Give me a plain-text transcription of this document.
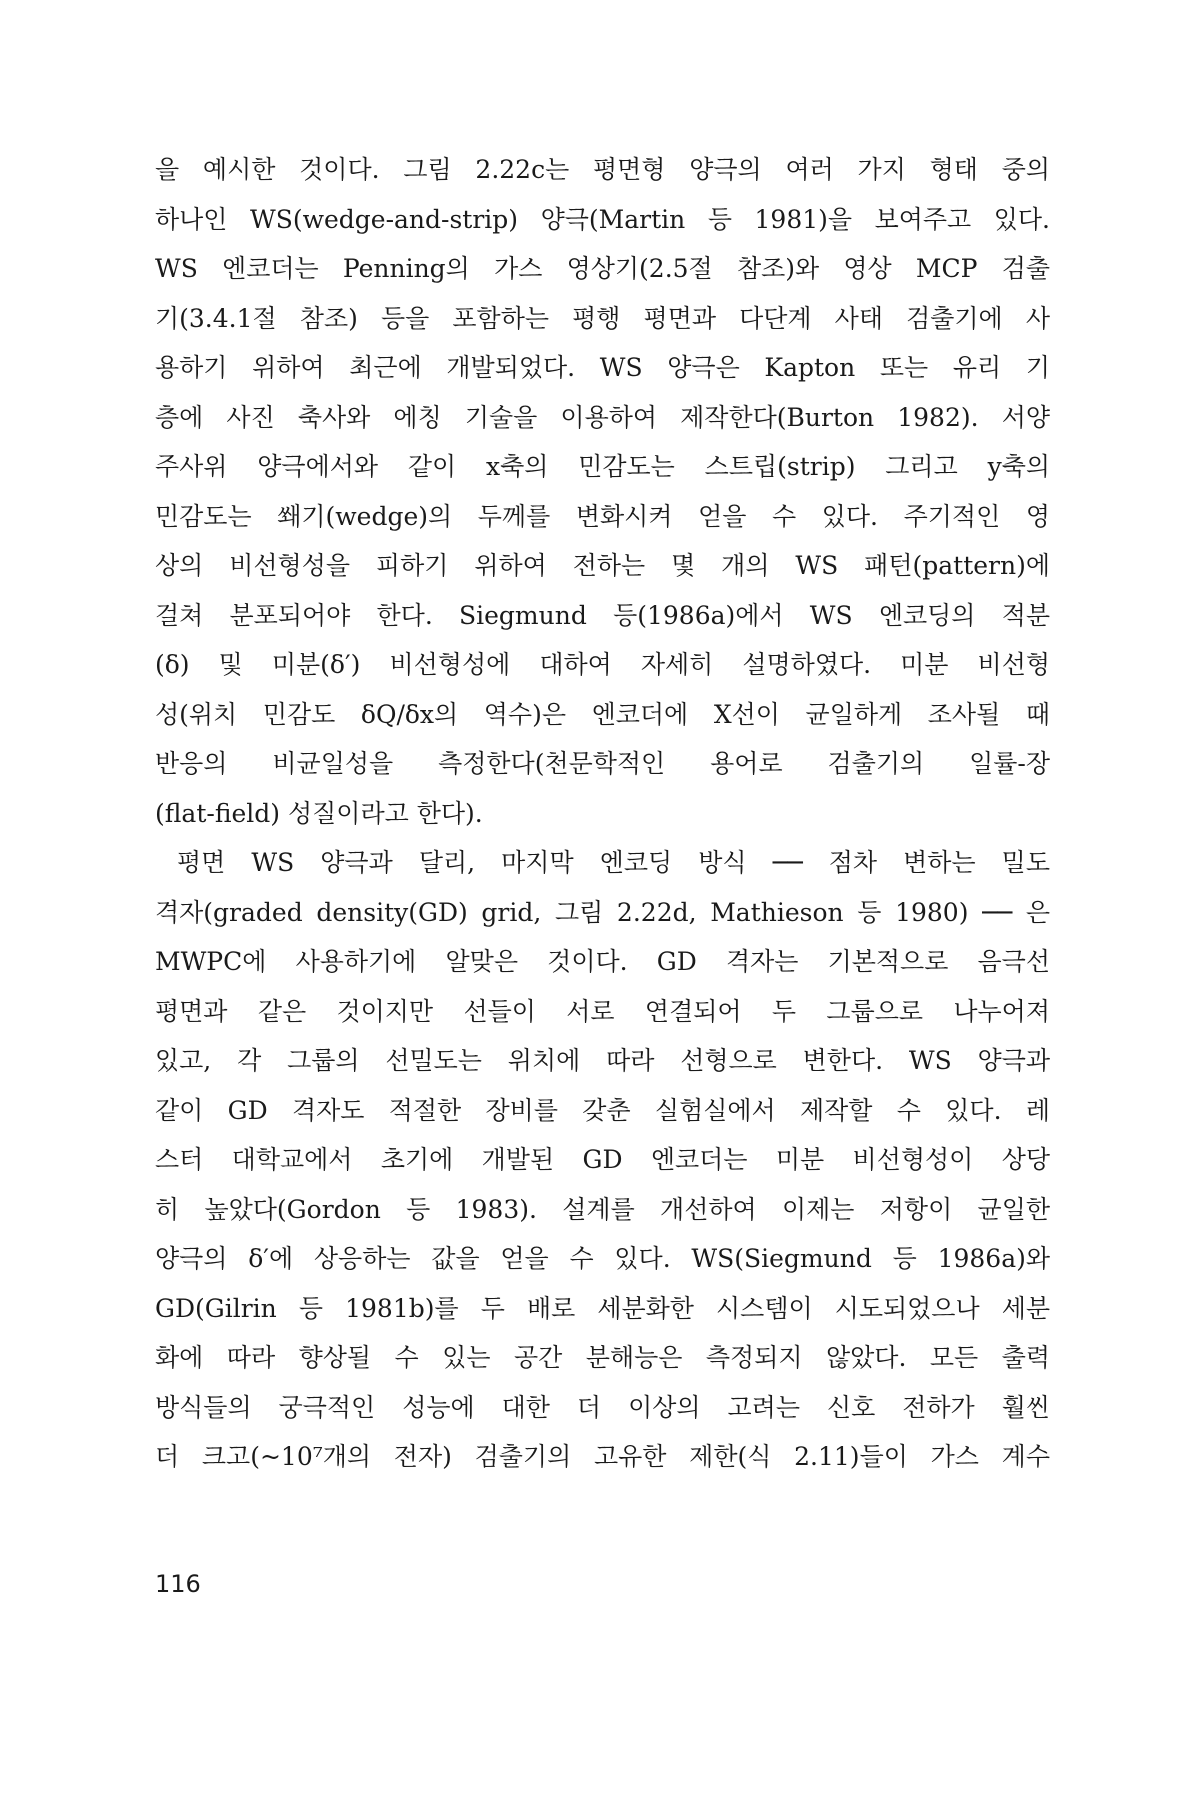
을 예시한 것이다. 그림 2.22c는 평면형 양극의 여러 가지 형태 중의
하나인 WS(wedge-and-strip) 양극(Martin 등 1981)을 보여주고 있다.
WS 엔코더는 Penning의 가스 영상기(2.5절 참조)와 영상 MCP 검출
기(3.4.1절 참조) 등을 포함하는 평행 평면과 다단계 사태 검출기에 사
용하기 위하여 최근에 개발되었다. WS 양극은 Kapton 또는 유리 기
층에 사진 축사와 에칭 기술을 이용하여 제작한다(Burton 1982). 서양
주사위 양극에서와 같이 x축의 민감도는 스트립(strip) 그리고 y축의
민감도는 쐐기(wedge)의 두께를 변화시켜 얻을 수 있다. 주기적인 영
상의 비선형성을 피하기 위하여 전하는 몇 개의 WS 패턴(pattern)에
걸쳐 분포되어야 한다. Siegmund 등(1986a)에서 WS 엔코딩의 적분
(δ) 및 미분(δ′) 비선형성에 대하여 자세히 설명하였다. 미분 비선형
성(위치 민감도 δQ/δx의 역수)은 엔코더에 X선이 균일하게 조사될 때
반응의 비균일성을 측정한다(천문학적인 용어로 검출기의 일률-장
(flat-field) 성질이라고 한다).
평면 WS 양극과 달리, 마지막 엔코딩 방식 ── 점차 변하는 밀도
격자(graded density(GD) grid, 그림 2.22d, Mathieson 등 1980) ── 은
MWPC에 사용하기에 알맞은 것이다. GD 격자는 기본적으로 음극선
평면과 같은 것이지만 선들이 서로 연결되어 두 그룹으로 나누어져
있고, 각 그룹의 선밀도는 위치에 따라 선형으로 변한다. WS 양극과
같이 GD 격자도 적절한 장비를 갖춘 실험실에서 제작할 수 있다. 레
스터 대학교에서 초기에 개발된 GD 엔코더는 미분 비선형성이 상당
히 높았다(Gordon 등 1983). 설계를 개선하여 이제는 저항이 균일한
양극의 δ′에 상응하는 값을 얻을 수 있다. WS(Siegmund 등 1986a)와
GD(Gilrin 등 1981b)를 두 배로 세분화한 시스템이 시도되었으나 세분
화에 따라 향상될 수 있는 공간 분해능은 측정되지 않았다. 모든 출력
방식들의 궁극적인 성능에 대한 더 이상의 고려는 신호 전하가 훨씬
더 크고(~10⁷개의 전자) 검출기의 고유한 제한(식 2.11)들이 가스 계수
116
